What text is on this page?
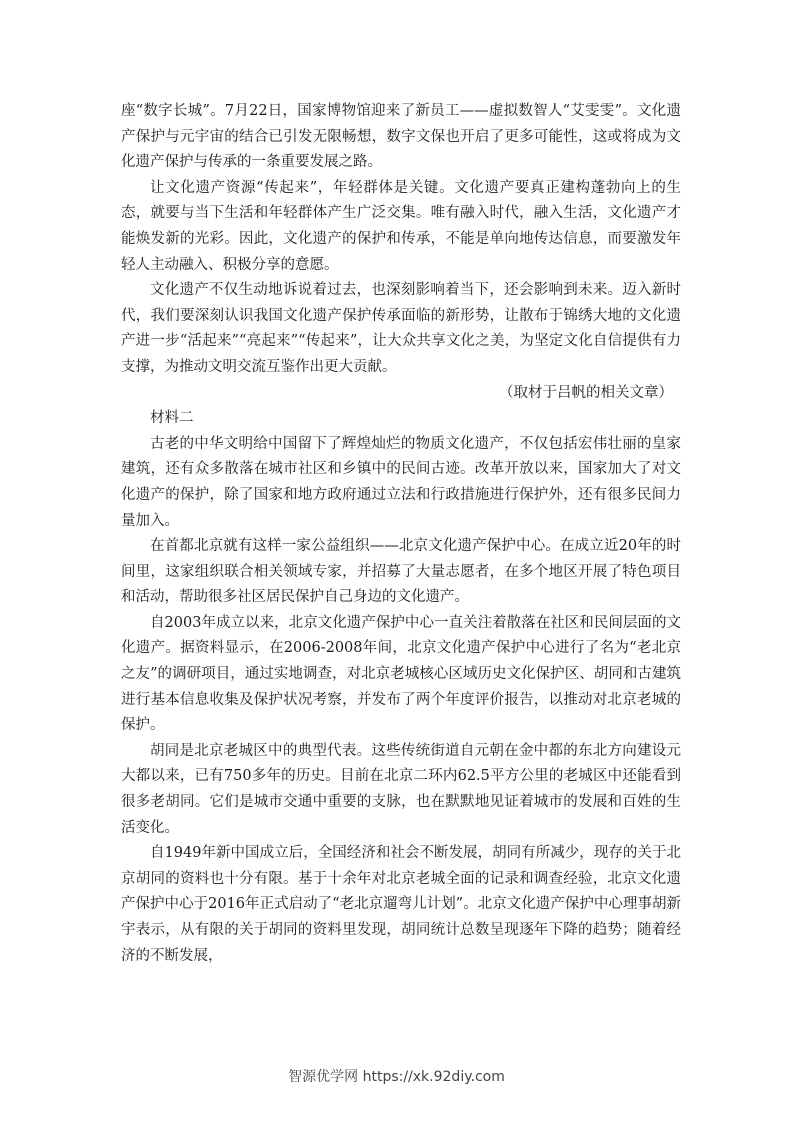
座“数字长城”。7月22日，国家博物馆迎来了新员工——虚拟数智人“艾雯雯”。文化遗产保护与元宇宙的结合已引发无限畅想，数字文保也开启了更多可能性，这或将成为文化遗产保护与传承的一条重要发展之路。

让文化遗产资源“传起来”，年轻群体是关键。文化遗产要真正建构蓬勃向上的生态，就要与当下生活和年轻群体产生广泛交集。唯有融入时代，融入生活，文化遗产才能焕发新的光彩。因此，文化遗产的保护和传承，不能是单向地传达信息，而要激发年轻人主动融入、积极分享的意愿。

文化遗产不仅生动地诉说着过去，也深刻影响着当下，还会影响到未来。迈入新时代，我们要深刻认识我国文化遗产保护传承面临的新形势，让散布于锦绣大地的文化遗产进一步“活起来”“亮起来”“传起来”，让大众共享文化之美，为坚定文化自信提供有力支撑，为推动文明交流互鉴作出更大贡献。

（取材于吕帆的相关文章）

材料二

古老的中华文明给中国留下了辉煌灿烂的物质文化遗产，不仅包括宏伟壮丽的皇家建筑，还有众多散落在城市社区和乡镇中的民间古迹。改革开放以来，国家加大了对文化遗产的保护，除了国家和地方政府通过立法和行政措施进行保护外，还有很多民间力量加入。

在首都北京就有这样一家公益组织——北京文化遗产保护中心。在成立近20年的时间里，这家组织联合相关领域专家，并招募了大量志愿者，在多个地区开展了特色项目和活动，帮助很多社区居民保护自己身边的文化遗产。

自2003年成立以来，北京文化遗产保护中心一直关注着散落在社区和民间层面的文化遗产。据资料显示，在2006-2008年间，北京文化遗产保护中心进行了名为“老北京之友”的调研项目，通过实地调查，对北京老城核心区域历史文化保护区、胡同和古建筑进行基本信息收集及保护状况考察，并发布了两个年度评价报告，以推动对北京老城的保护。

胡同是北京老城区中的典型代表。这些传统街道自元朝在金中都的东北方向建设元大都以来，已有750多年的历史。目前在北京二环内62.5平方公里的老城区中还能看到很多老胡同。它们是城市交通中重要的支脉，也在默默地见证着城市的发展和百姓的生活变化。

自1949年新中国成立后，全国经济和社会不断发展，胡同有所减少，现存的关于北京胡同的资料也十分有限。基于十余年对北京老城全面的记录和调查经验，北京文化遗产保护中心于2016年正式启动了“老北京遛弯儿计划”。北京文化遗产保护中心理事胡新宇表示，从有限的关于胡同的资料里发现，胡同统计总数呈现逐年下降的趋势；随着经济的不断发展，

智源优学网 https://xk.92diy.com
